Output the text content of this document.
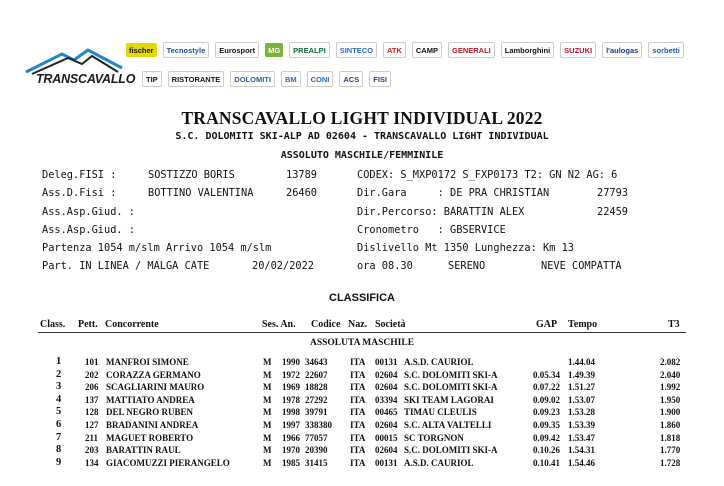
TRANSCAVALLO
fischer	Tecnostyle	Eurosport	MG	PREALPI	SINTECO	ATK	CAMP	GENERALI	Lamborghini	SUZUKI	l'aulogas	sorbetti
TIP	RISTORANTE	DOLOMITI	BM	CONI	ACS	FISI
TRANSCAVALLO LIGHT INDIVIDUAL 2022
S.C. DOLOMITI SKI-ALP AD 02604 - TRANSCAVALLO LIGHT INDIVIDUAL
ASSOLUTO MASCHILE/FEMMINILE
Deleg.FISI :	SOSTIZZO BORIS	13789	CODEX: S_MXP0172 S_FXP0173 T2: GN N2 AG: 6
Ass.D.Fisi :	BOTTINO VALENTINA	26460	Dir.Gara     : DE PRA CHRISTIAN	27793
Ass.Asp.Giud. :	Dir.Percorso: BARATTIN ALEX	22459
Ass.Asp.Giud. :	Cronometro   : GBSERVICE
Partenza 1054 m/slm Arrivo 1054 m/slm	Dislivello Mt 1350 Lunghezza: Km 13
Part. IN LINEA / MALGA CATE	20/02/2022	ora 08.30	SERENO	NEVE COMPATTA
CLASSIFICA
Class. Pett. Concorrente	Ses. An. Codice Naz. Società	GAP Tempo	T3
ASSOLUTA MASCHILE
1	101 MANFROI SIMONE	M 1990 34643	ITA 00131 A.S.D. CAURIOL	1.44.04	2.082
2	202 CORAZZA GERMANO	M 1972 22607	ITA 02604 S.C. DOLOMITI SKI-A	0.05.34 1.49.39	2.040
3	206 SCAGLIARINI MAURO	M 1969 18828	ITA 02604 S.C. DOLOMITI SKI-A	0.07.22 1.51.27	1.992
4	137 MATTIATO ANDREA	M 1978 27292	ITA 03394 SKI TEAM LAGORAI	0.09.02 1.53.07	1.950
5	128 DEL NEGRO RUBEN	M 1998 39791	ITA 00465 TIMAU CLEULIS	0.09.23 1.53.28	1.900
6	127 BRADANINI ANDREA	M 1997 338380 ITA 02604 S.C. ALTA VALTELLI	0.09.35 1.53.39	1.860
7	211 MAGUET ROBERTO	M 1966 77057	ITA 00015 SC TORGNON	0.09.42 1.53.47	1.818
8	203 BARATTIN RAUL	M 1970 20390	ITA 02604 S.C. DOLOMITI SKI-A	0.10.26 1.54.31	1.770
9	134 GIACOMUZZI PIERANGELO	M 1985 31415	ITA 00131 A.S.D. CAURIOL	0.10.41 1.54.46	1.728
